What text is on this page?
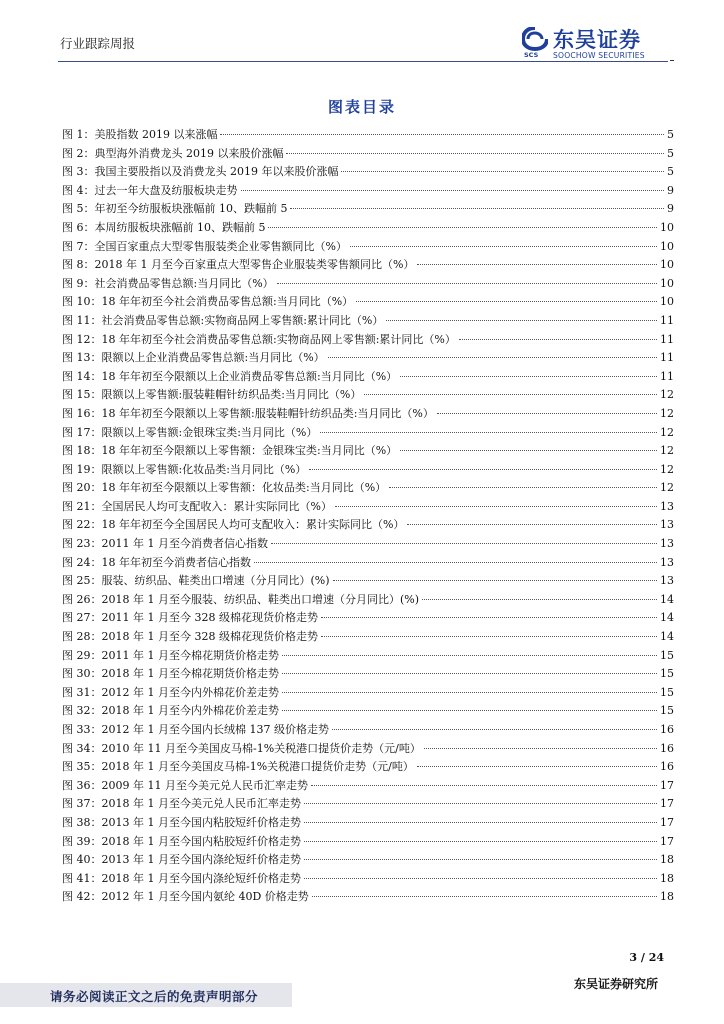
行业跟踪周报
SCS
东吴证券
SOOCHOW SECURITIES
图表目录
图 1：美股指数 2019 以来涨幅	5
图 2：典型海外消费龙头 2019 以来股价涨幅	5
图 3：我国主要股指以及消费龙头 2019 年以来股价涨幅	5
图 4：过去一年大盘及纺服板块走势	9
图 5：年初至今纺服板块涨幅前 10、跌幅前 5	9
图 6：本周纺服板块涨幅前 10、跌幅前 5	10
图 7：全国百家重点大型零售服装类企业零售额同比（%）	10
图 8：2018 年 1 月至今百家重点大型零售企业服装类零售额同比（%）	10
图 9：社会消费品零售总额:当月同比（%）	10
图 10：18 年年初至今社会消费品零售总额:当月同比（%）	10
图 11：社会消费品零售总额:实物商品网上零售额:累计同比（%）	11
图 12：18 年年初至今社会消费品零售总额:实物商品网上零售额:累计同比（%）	11
图 13：限额以上企业消费品零售总额:当月同比（%）	11
图 14：18 年年初至今限额以上企业消费品零售总额:当月同比（%）	11
图 15：限额以上零售额:服装鞋帽针纺织品类:当月同比（%）	12
图 16：18 年年初至今限额以上零售额:服装鞋帽针纺织品类:当月同比（%）	12
图 17：限额以上零售额:金银珠宝类:当月同比（%）	12
图 18：18 年年初至今限额以上零售额：金银珠宝类:当月同比（%）	12
图 19：限额以上零售额:化妆品类:当月同比（%）	12
图 20：18 年年初至今限额以上零售额：化妆品类:当月同比（%）	12
图 21：全国居民人均可支配收入：累计实际同比（%）	13
图 22：18 年年初至今全国居民人均可支配收入：累计实际同比（%）	13
图 23：2011 年 1 月至今消费者信心指数	13
图 24：18 年年初至今消费者信心指数	13
图 25：服装、纺织品、鞋类出口增速（分月同比）(%)	13
图 26：2018 年 1 月至今服装、纺织品、鞋类出口增速（分月同比）(%)	14
图 27：2011 年 1 月至今 328 级棉花现货价格走势	14
图 28：2018 年 1 月至今 328 级棉花现货价格走势	14
图 29：2011 年 1 月至今棉花期货价格走势	15
图 30：2018 年 1 月至今棉花期货价格走势	15
图 31：2012 年 1 月至今内外棉花价差走势	15
图 32：2018 年 1 月至今内外棉花价差走势	15
图 33：2012 年 1 月至今国内长绒棉 137 级价格走势	16
图 34：2010 年 11 月至今美国皮马棉-1%关税港口提货价走势（元/吨）	16
图 35：2018 年 1 月至今美国皮马棉-1%关税港口提货价走势（元/吨）	16
图 36：2009 年 11 月至今美元兑人民币汇率走势	17
图 37：2018 年 1 月至今美元兑人民币汇率走势	17
图 38：2013 年 1 月至今国内粘胶短纤价格走势	17
图 39：2018 年 1 月至今国内粘胶短纤价格走势	17
图 40：2013 年 1 月至今国内涤纶短纤价格走势	18
图 41：2018 年 1 月至今国内涤纶短纤价格走势	18
图 42：2012 年 1 月至今国内氨纶 40D 价格走势	18
3 / 24
东吴证券研究所
请务必阅读正文之后的免责声明部分
